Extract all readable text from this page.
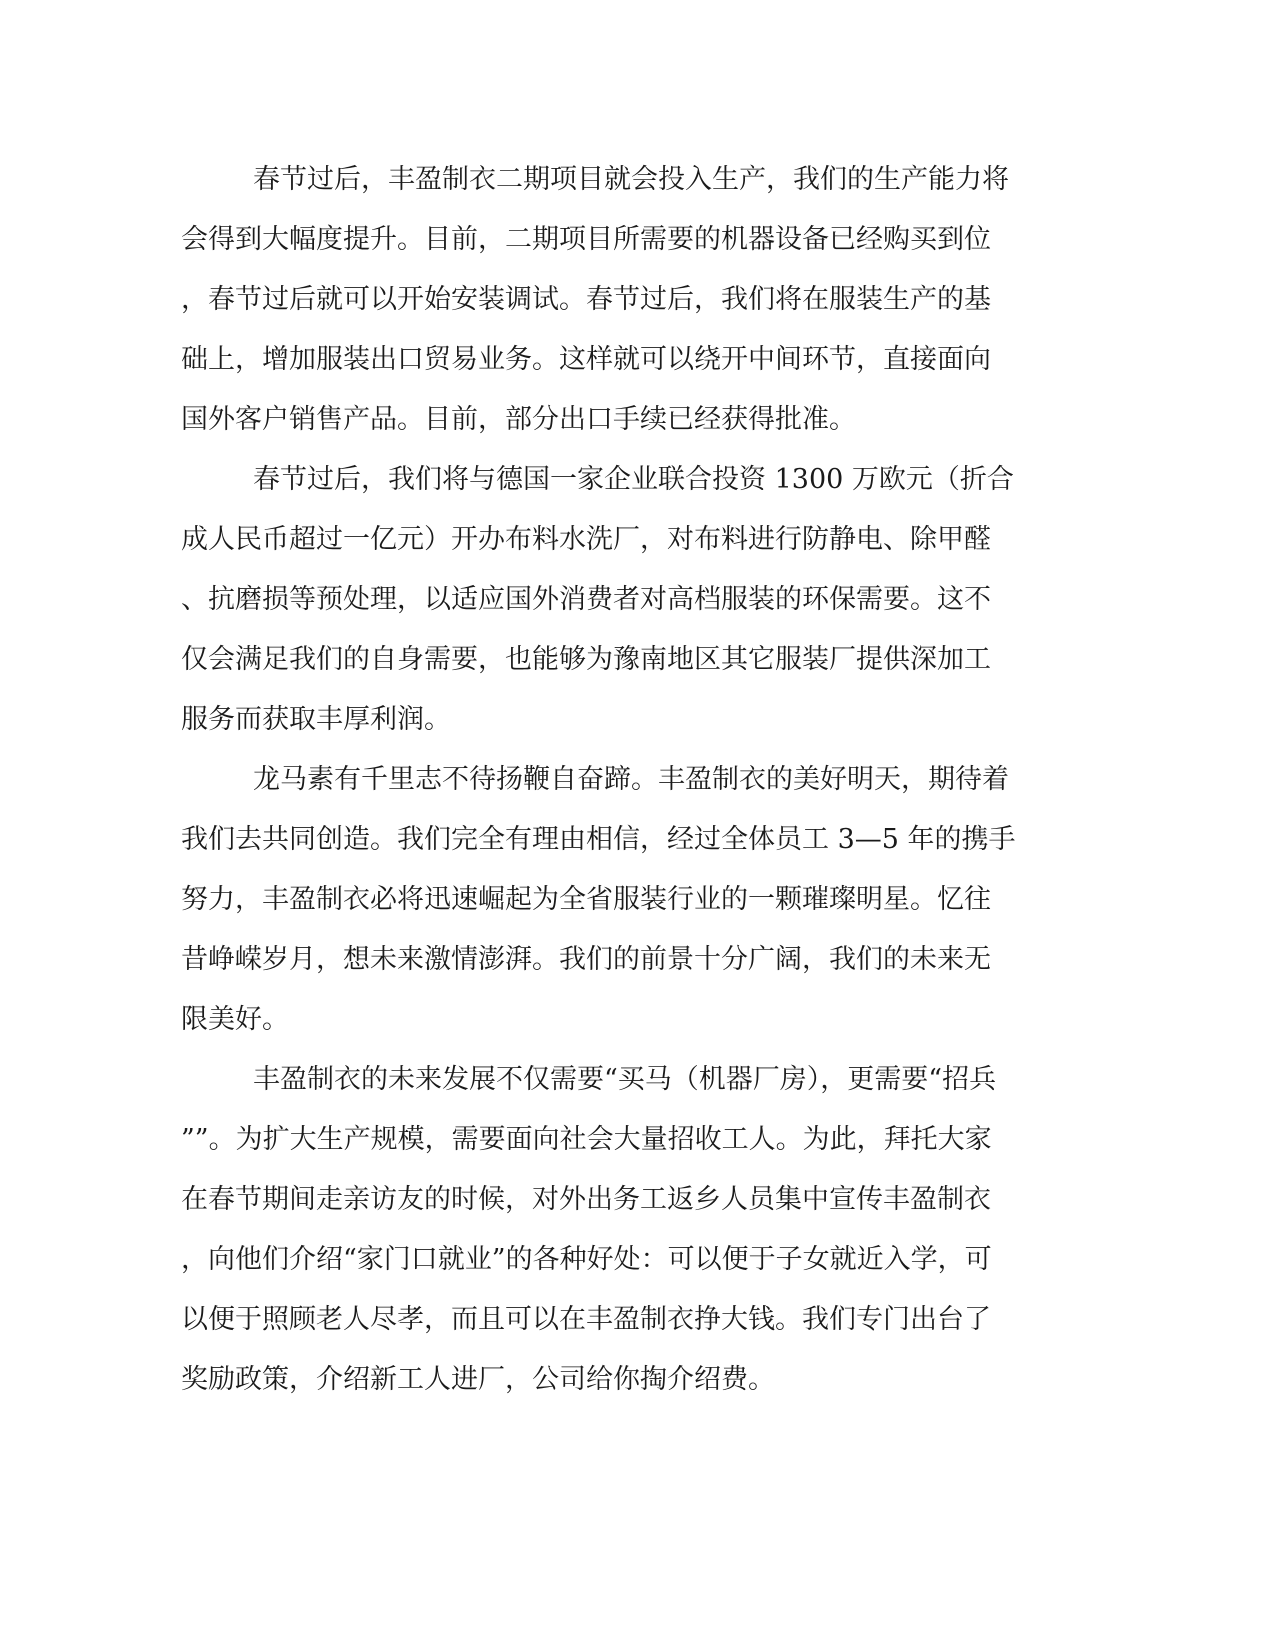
春节过后，丰盈制衣二期项目就会投入生产，我们的生产能力将
会得到大幅度提升。目前，二期项目所需要的机器设备已经购买到位
，春节过后就可以开始安装调试。春节过后，我们将在服装生产的基
础上，增加服装出口贸易业务。这样就可以绕开中间环节，直接面向
国外客户销售产品。目前，部分出口手续已经获得批准。
春节过后，我们将与德国一家企业联合投资 1300 万欧元（折合
成人民币超过一亿元）开办布料水洗厂，对布料进行防静电、除甲醛
、抗磨损等预处理，以适应国外消费者对高档服装的环保需要。这不
仅会满足我们的自身需要，也能够为豫南地区其它服装厂提供深加工
服务而获取丰厚利润。
龙马素有千里志不待扬鞭自奋蹄。丰盈制衣的美好明天，期待着
我们去共同创造。我们完全有理由相信，经过全体员工 3—5 年的携手
努力，丰盈制衣必将迅速崛起为全省服装行业的一颗璀璨明星。忆往
昔峥嵘岁月，想未来激情澎湃。我们的前景十分广阔，我们的未来无
限美好。
丰盈制衣的未来发展不仅需要“买马（机器厂房），更需要“招兵
””。为扩大生产规模，需要面向社会大量招收工人。为此，拜托大家
在春节期间走亲访友的时候，对外出务工返乡人员集中宣传丰盈制衣
，向他们介绍“家门口就业”的各种好处：可以便于子女就近入学，可
以便于照顾老人尽孝，而且可以在丰盈制衣挣大钱。我们专门出台了
奖励政策，介绍新工人进厂，公司给你掏介绍费。
